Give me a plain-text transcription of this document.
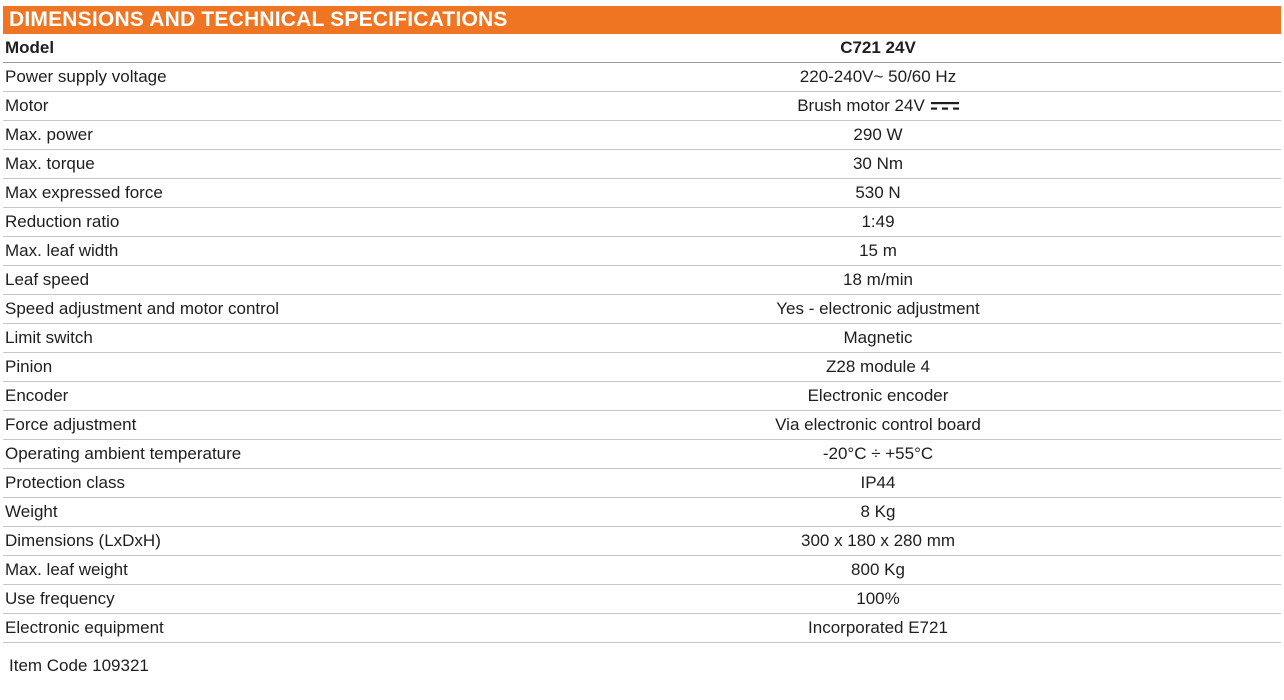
DIMENSIONS AND TECHNICAL SPECIFICATIONS
Model	C721 24V
Power supply voltage	220-240V~ 50/60 Hz
Motor	Brush motor 24V
Max. power	290 W
Max. torque	30 Nm
Max expressed force	530 N
Reduction ratio	1:49
Max. leaf width	15 m
Leaf speed	18 m/min
Speed adjustment and motor control	Yes - electronic adjustment
Limit switch	Magnetic
Pinion	Z28 module 4
Encoder	Electronic encoder
Force adjustment	Via electronic control board
Operating ambient temperature	-20°C ÷ +55°C
Protection class	IP44
Weight	8 Kg
Dimensions (LxDxH)	300 x 180 x 280 mm
Max. leaf weight	800 Kg
Use frequency	100%
Electronic equipment	Incorporated E721
Item Code 109321
